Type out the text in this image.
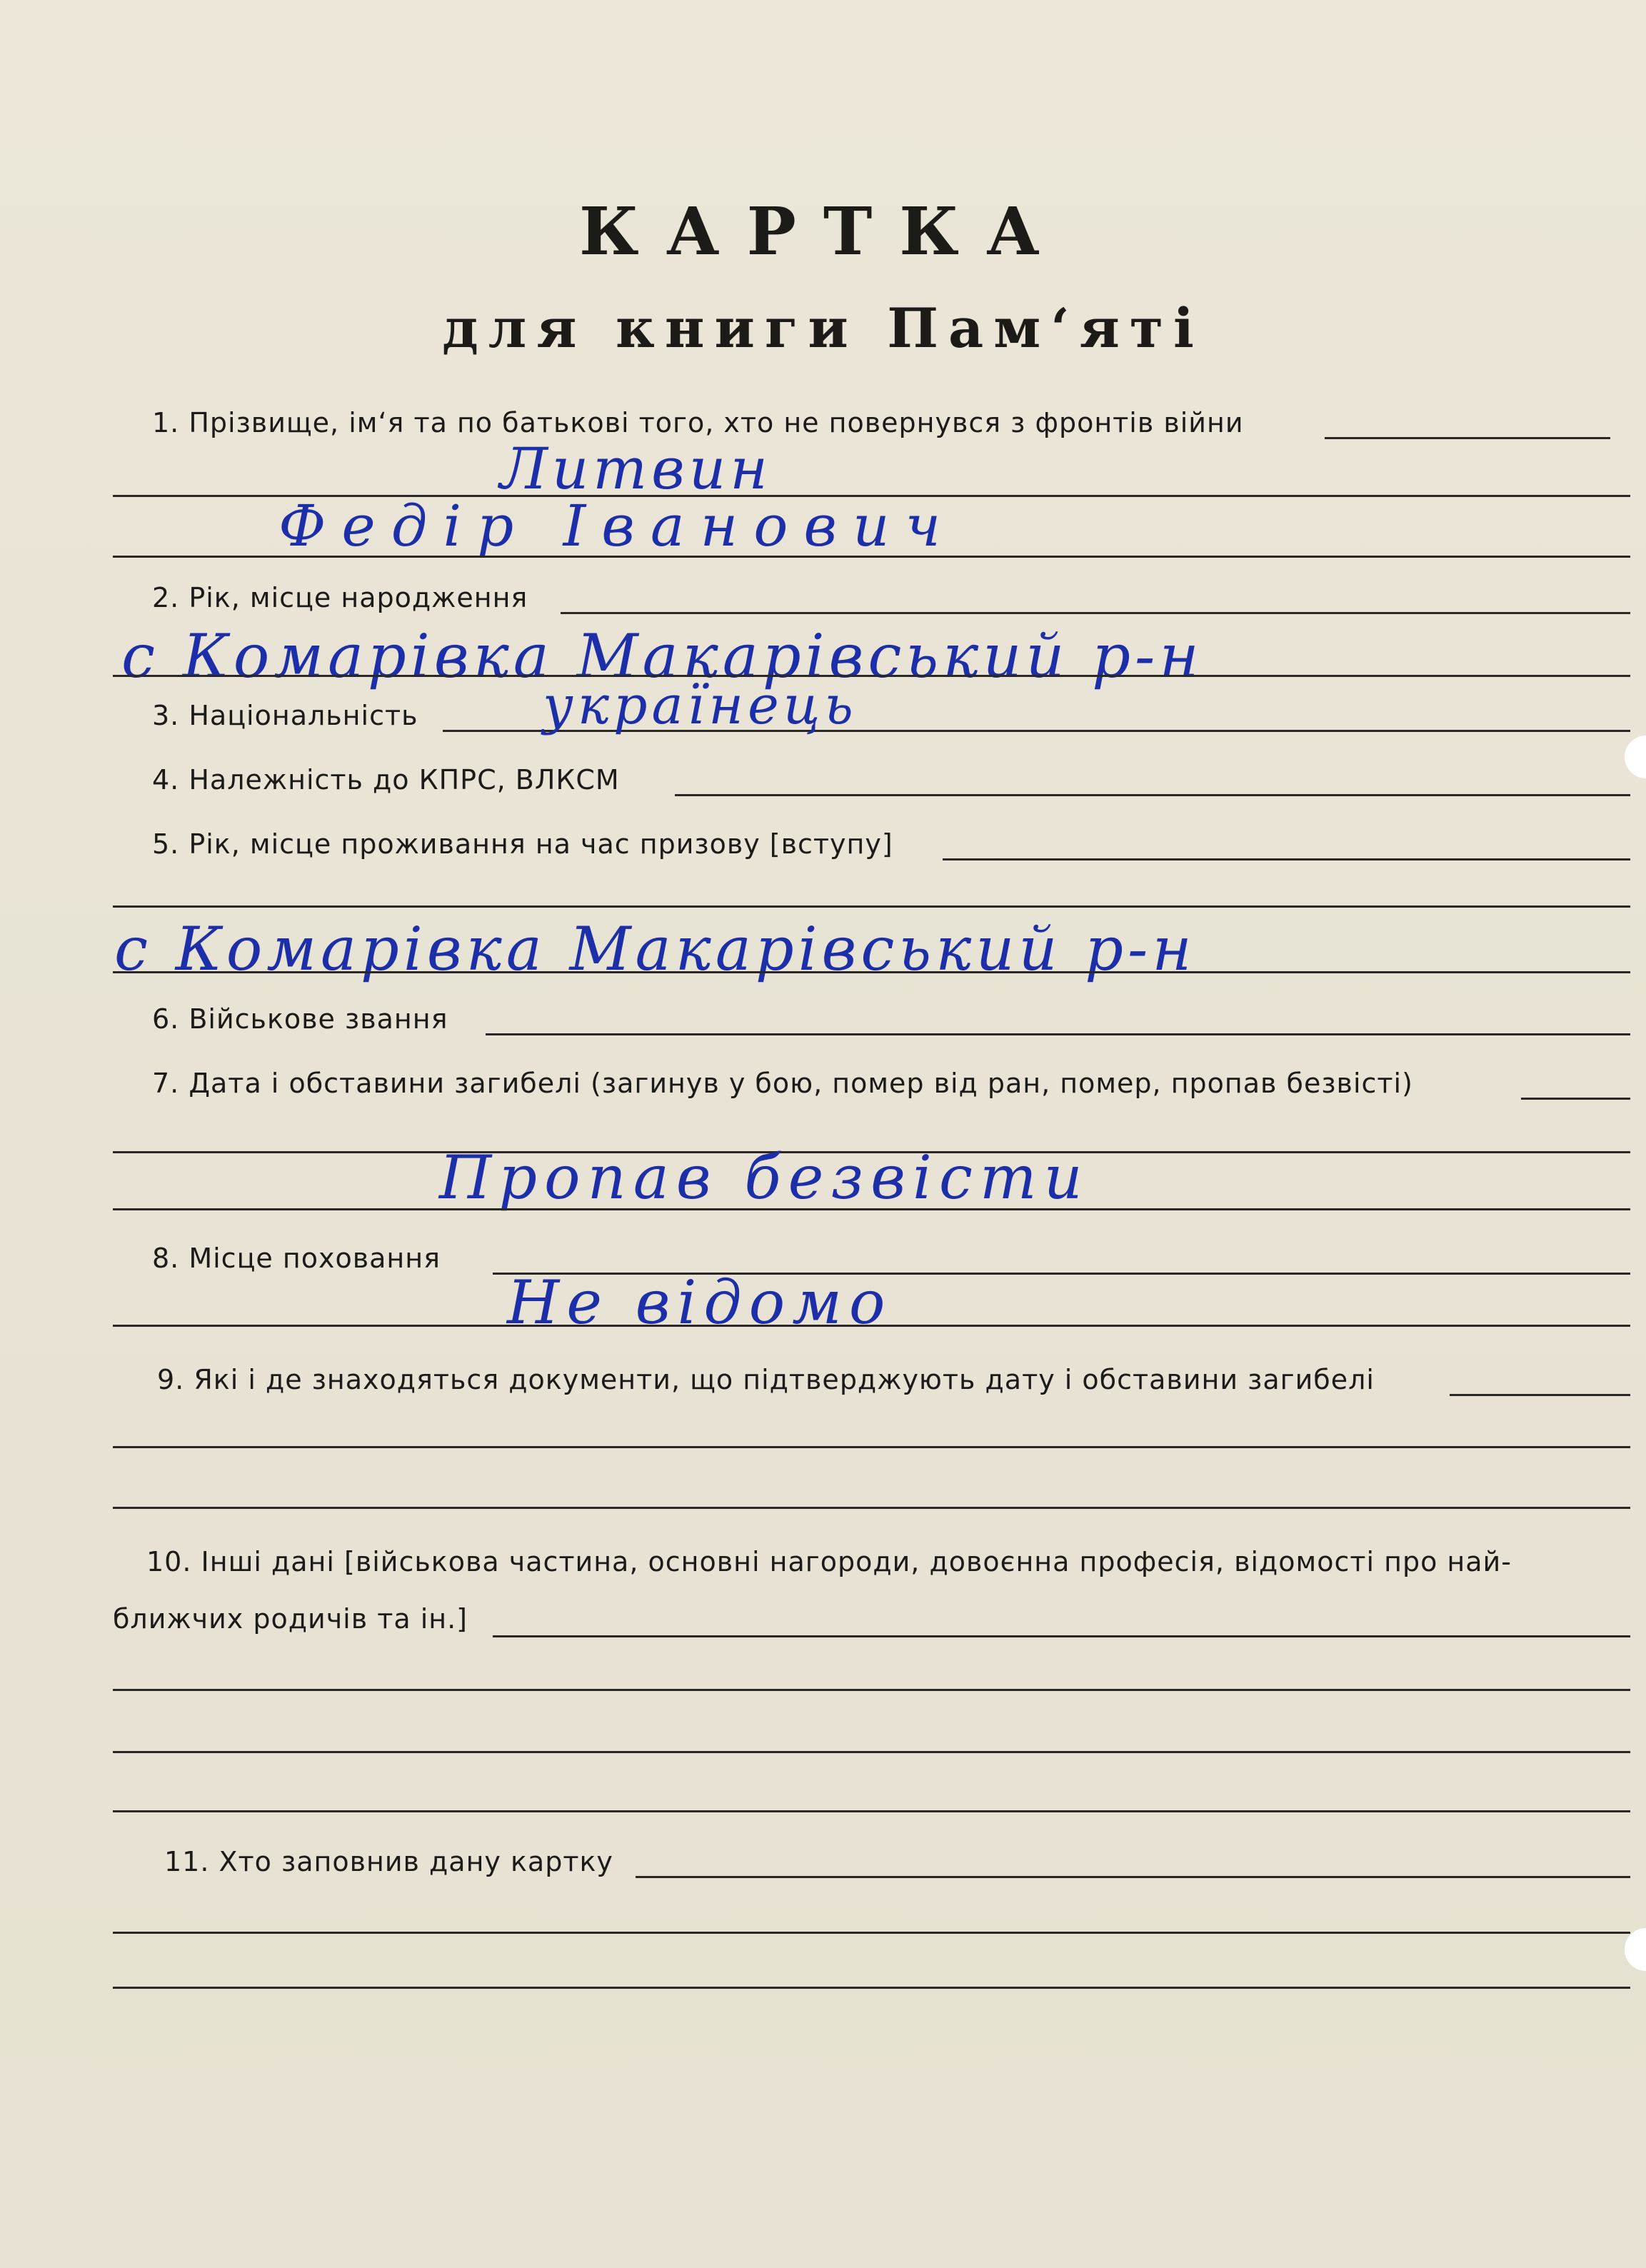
КАРТКА
для книги Пам‘яті
1. Прізвище, ім‘я та по батькові того, хто не повернувся з фронтів війни
Литвин
Федір Іванович
2. Рік, місце народження
с Комарівка Макарівський р-н
3. Національність українець
4. Належність до КПРС, ВЛКСМ
5. Рік, місце проживання на час призову [вступу]
с Комарівка Макарівський р-н
6. Військове звання
7. Дата і обставини загибелі (загинув у бою, помер від ран, помер, пропав безвісті)
Пропав безвісти
8. Місце поховання
Не відомо
9. Які і де знаходяться документи, що підтверджують дату і обставини загибелі
10. Інші дані [військова частина, основні нагороди, довоєнна професія, відомості про най-
ближчих родичів та ін.]
11. Хто заповнив дану картку
